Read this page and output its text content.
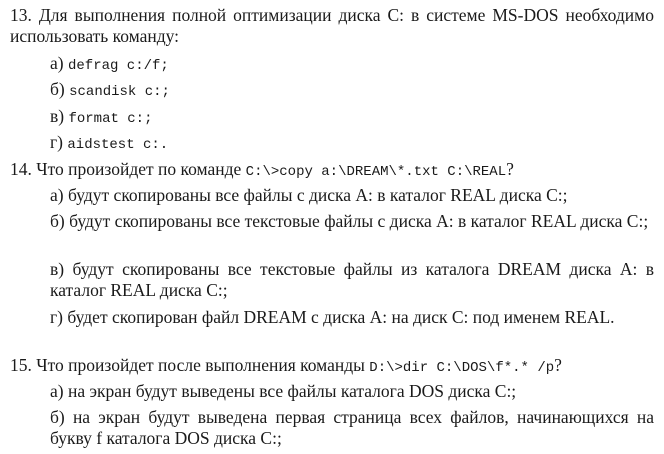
13. Для выполнения полной оптимизации диска C: в системе MS-DOS необходимо использовать команду:

а) defrag c:/f;

б) scandisk c:;

в) format c:;

г) aidstest c:.

14. Что произойдет по команде C:\>copy a:\DREAM\*.txt C:\REAL?

а) будут скопированы все файлы с диска A: в каталог REAL диска C:;

б) будут скопированы все текстовые файлы с диска A: в каталог REAL диска C:;

в) будут скопированы все текстовые файлы из каталога DREAM диска A: в каталог REAL диска C:;

г) будет скопирован файл DREAM с диска A: на диск C: под именем REAL.

15. Что произойдет после выполнения команды D:\>dir C:\DOS\f*.* /p?

а) на экран будут выведены все файлы каталога DOS диска C:;

б) на экран будут выведена первая страница всех файлов, начинающихся на букву f каталога DOS диска C:;
